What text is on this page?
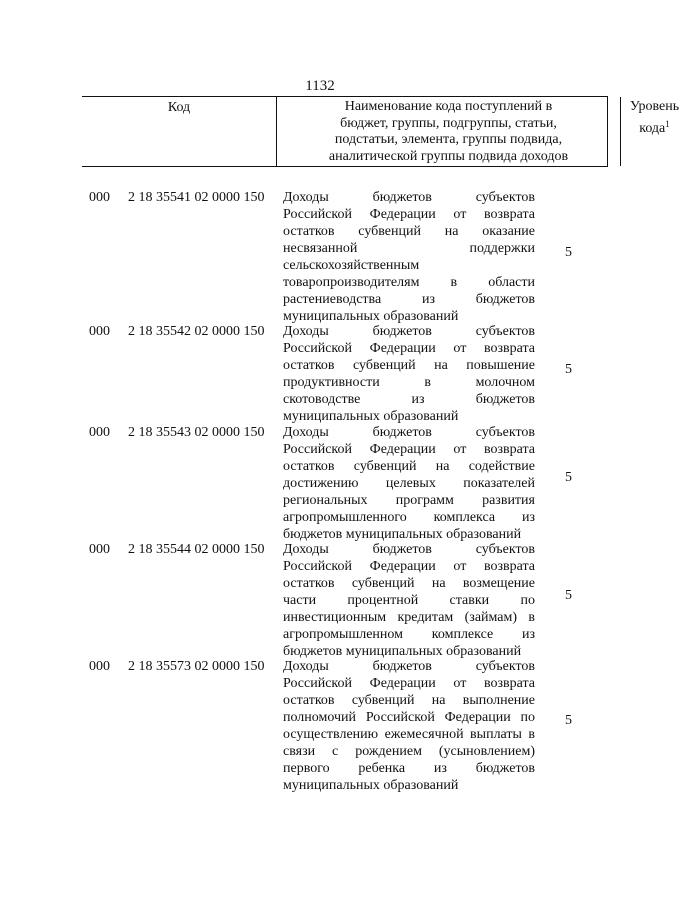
1132
Код	Наименование кода поступлений в
бюджет, группы, подгруппы, статьи,
подстатьи, элемента, группы подвида,
аналитической группы подвида доходов
Уровень
кода$^1$
000 2 18 35541 02 0000 150 Доходы бюджетов субъектов
Российской Федерации от возврата
остатков субвенций на оказание
несвязанной поддержки
сельскохозяйственным
товаропроизводителям в области
растениеводства из бюджетов
муниципальных образований
5
000 2 18 35542 02 0000 150 Доходы бюджетов субъектов
Российской Федерации от возврата
остатков субвенций на повышение
продуктивности в молочном
скотоводстве из бюджетов
муниципальных образований
5
000 2 18 35543 02 0000 150 Доходы бюджетов субъектов
Российской Федерации от возврата
остатков субвенций на содействие
достижению целевых показателей
региональных программ развития
агропромышленного комплекса из
бюджетов муниципальных образований
5
000 2 18 35544 02 0000 150 Доходы бюджетов субъектов
Российской Федерации от возврата
остатков субвенций на возмещение
части процентной ставки по
инвестиционным кредитам (займам) в
агропромышленном комплексе из
бюджетов муниципальных образований
5
000 2 18 35573 02 0000 150 Доходы бюджетов субъектов
Российской Федерации от возврата
остатков субвенций на выполнение
полномочий Российской Федерации по
осуществлению ежемесячной выплаты в
связи с рождением (усыновлением)
первого ребенка из бюджетов
муниципальных образований
5
